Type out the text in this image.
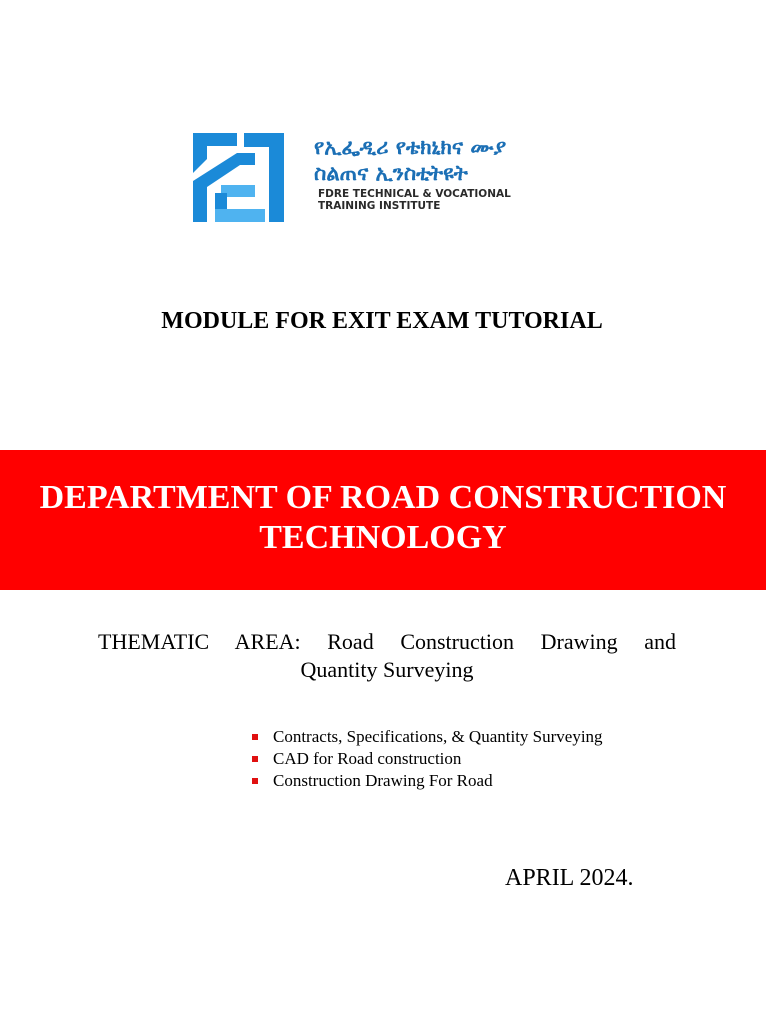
የኢፌዲሪ የቴክኒክና ሙያ
ስልጠና ኢንስቲትዩት
FDRE TECHNICAL & VOCATIONAL
TRAINING INSTITUTE
MODULE FOR EXIT EXAM TUTORIAL
DEPARTMENT OF ROAD CONSTRUCTION
TECHNOLOGY
THEMATIC AREA: Road Construction Drawing and
Quantity Surveying
Contracts, Specifications, & Quantity Surveying
CAD for Road construction
Construction Drawing For Road
APRIL 2024.
